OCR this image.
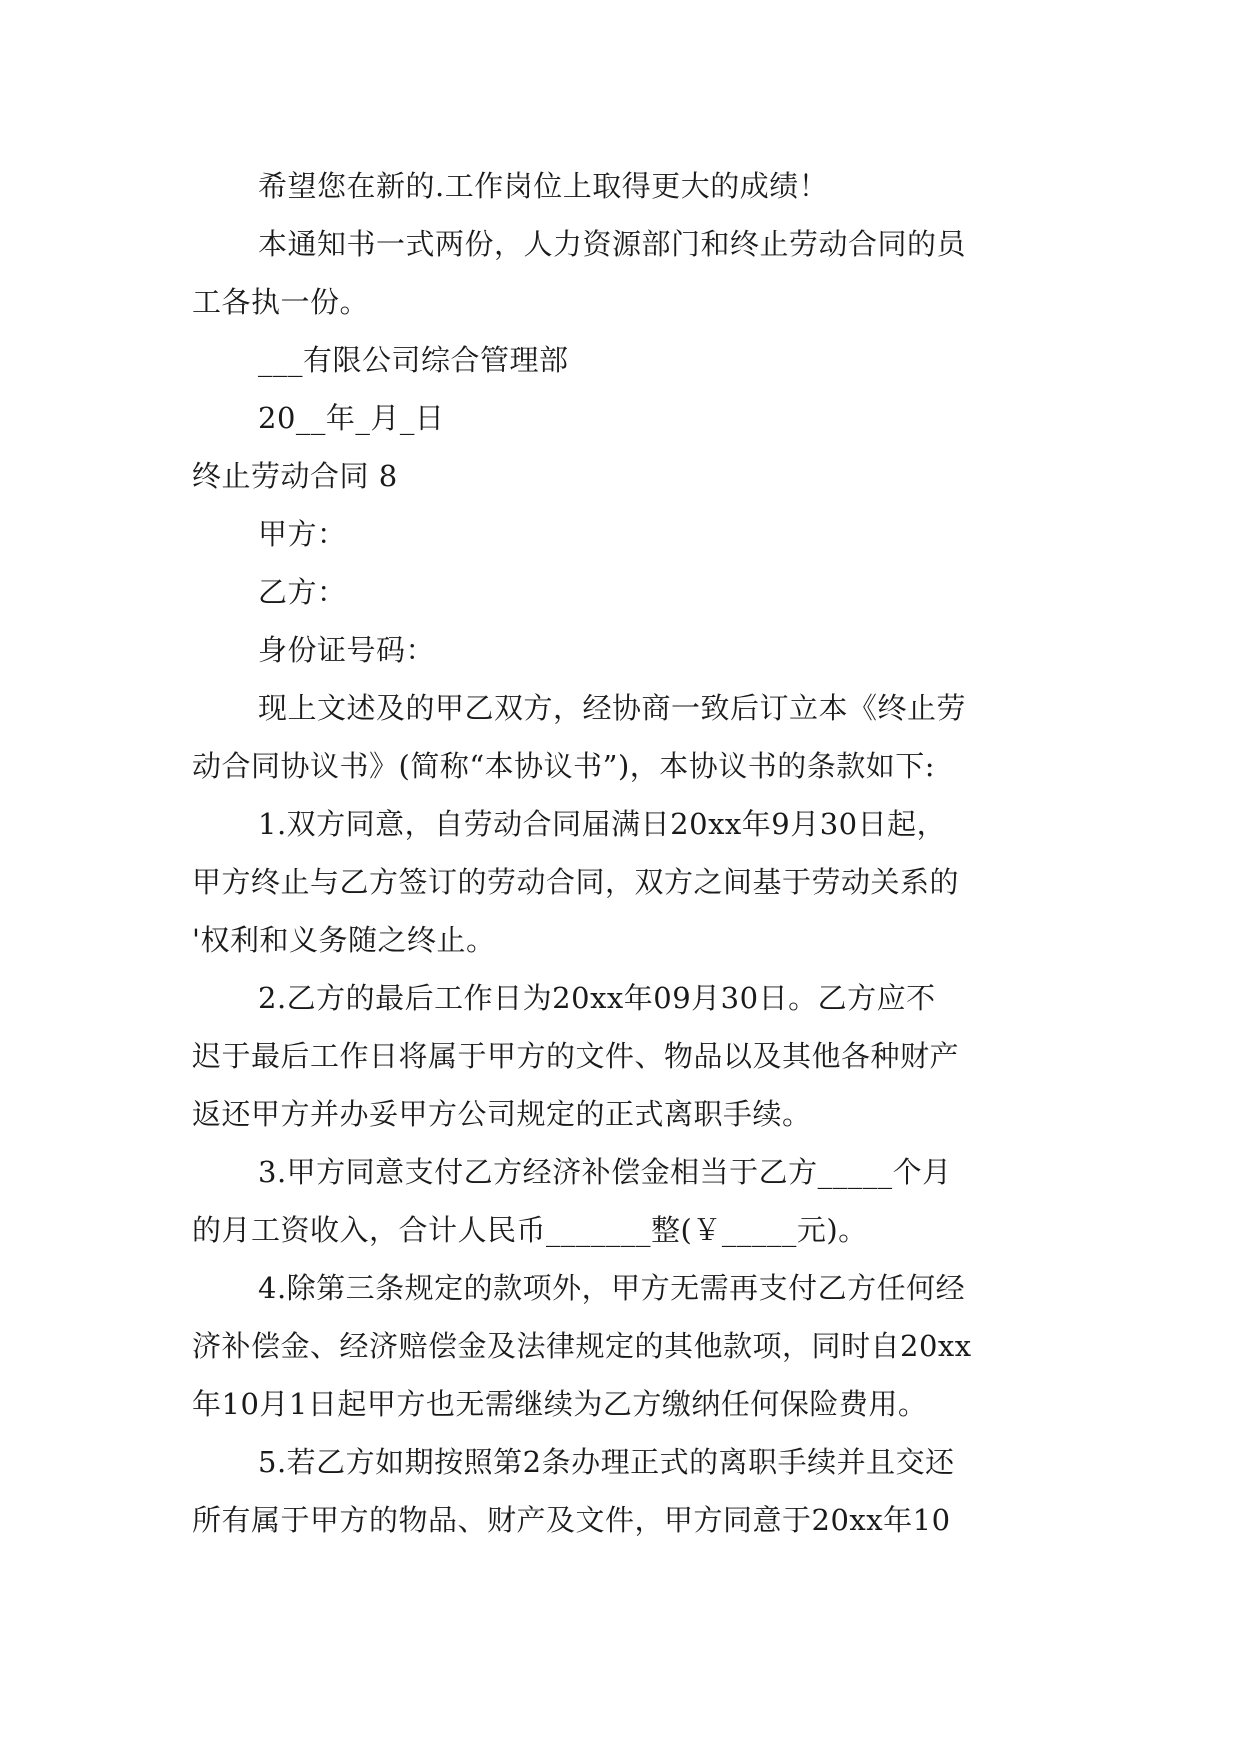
希望您在新的.工作岗位上取得更大的成绩！
本通知书一式两份，人力资源部门和终止劳动合同的员
工各执一份。
___有限公司综合管理部
20__年_月_日
终止劳动合同 8
甲方：
乙方：
身份证号码：
现上文述及的甲乙双方，经协商一致后订立本《终止劳
动合同协议书》(简称“本协议书”)，本协议书的条款如下:
1.双方同意，自劳动合同届满日20xx年9月30日起，
甲方终止与乙方签订的劳动合同，双方之间基于劳动关系的
'权利和义务随之终止。
2.乙方的最后工作日为20xx年09月30日。乙方应不
迟于最后工作日将属于甲方的文件、物品以及其他各种财产
返还甲方并办妥甲方公司规定的正式离职手续。
3.甲方同意支付乙方经济补偿金相当于乙方_____个月
的月工资收入，合计人民币_______整(￥_____元)。
4.除第三条规定的款项外，甲方无需再支付乙方任何经
济补偿金、经济赔偿金及法律规定的其他款项，同时自20xx
年10月1日起甲方也无需继续为乙方缴纳任何保险费用。
5.若乙方如期按照第2条办理正式的离职手续并且交还
所有属于甲方的物品、财产及文件，甲方同意于20xx年10
